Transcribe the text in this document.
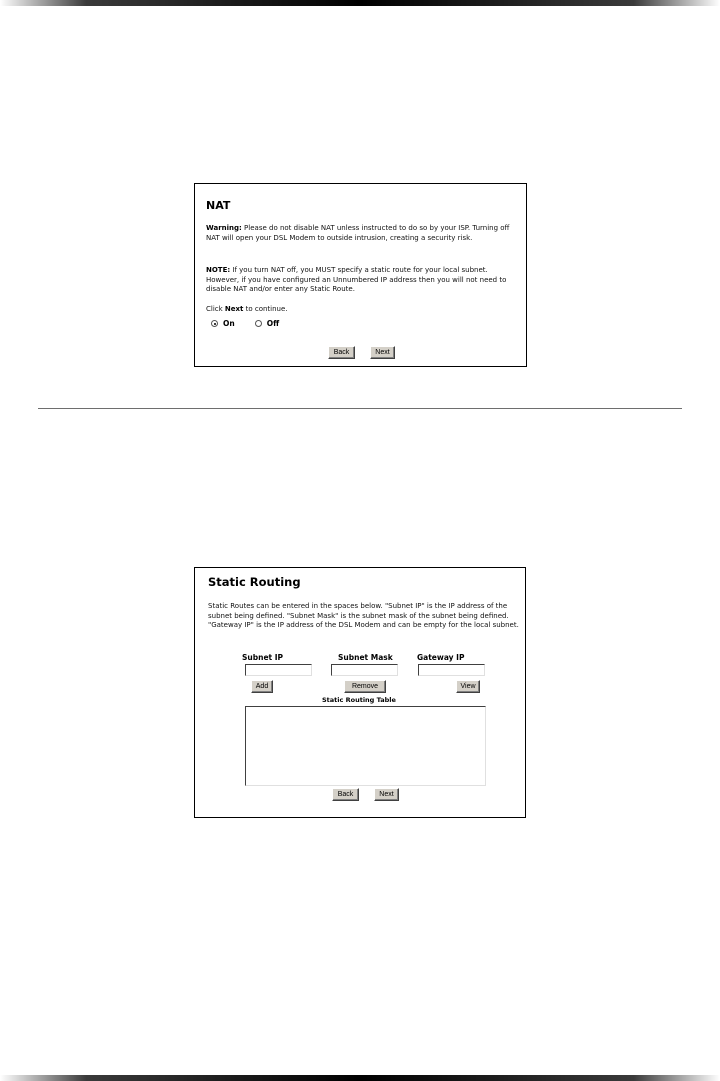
NAT
Warning: Please do not disable NAT unless instructed to do so by your ISP. Turning off NAT will open your DSL Modem to outside intrusion, creating a security risk.
NOTE: If you turn NAT off, you MUST specify a static route for your local subnet. However, if you have configured an Unnumbered IP address then you will not need to disable NAT and/or enter any Static Route.
Click Next to continue.
On	Off
Back	Next
Static Routing
Static Routes can be entered in the spaces below. "Subnet IP" is the IP address of the subnet being defined. "Subnet Mask" is the subnet mask of the subnet being defined. "Gateway IP" is the IP address of the DSL Modem and can be empty for the local subnet.
Subnet IP	Subnet Mask	Gateway IP
Add	Remove	View
Static Routing Table
Back	Next
